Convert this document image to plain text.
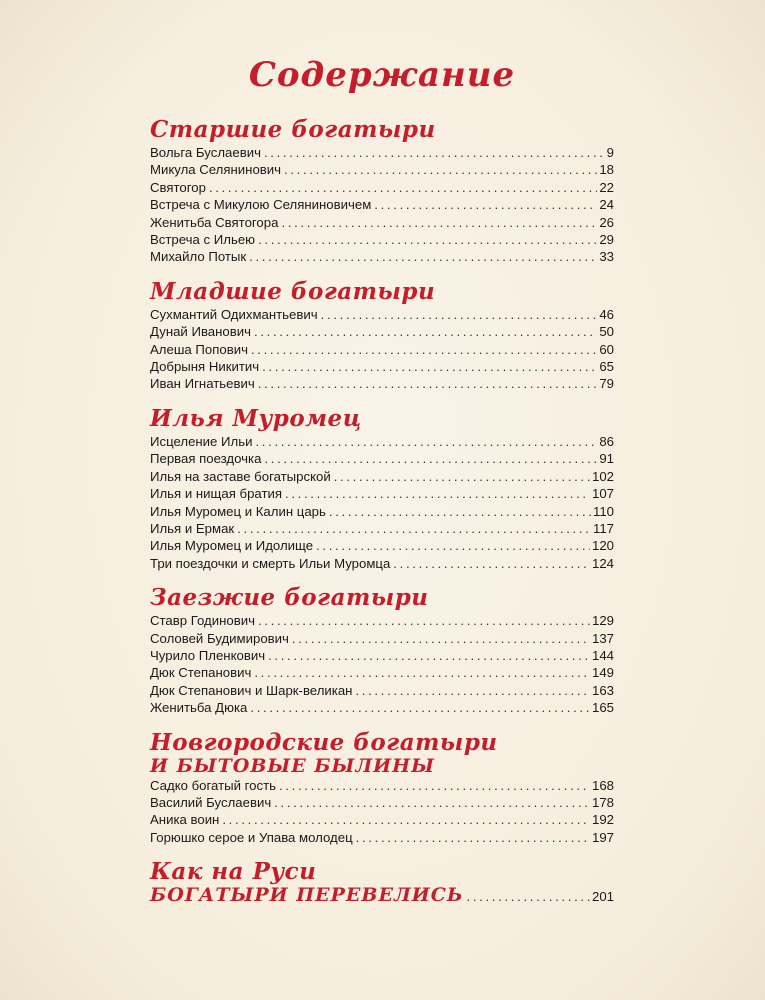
Содержание
Старшие богатыри
Вольга Буслаевич . . .	9
Микула Селянинович . . .	18
Святогор . . .	22
Встреча с Микулою Селяниновичем . . .	24
Женитьба Святогора . . .	26
Встреча с Ильею . . .	29
Михайло Потык . . .	33
Младшие богатыри
Сухмантий Одихмантьевич . . .	46
Дунай Иванович . . .	50
Алеша Попович . . .	60
Добрыня Никитич . . .	65
Иван Игнатьевич . . .	79
Илья Муромец
Исцеление Ильи . . .	86
Первая поездочка . . .	91
Илья на заставе богатырской . . .	102
Илья и нищая братия . . .	107
Илья Муромец и Калин царь . . .	110
Илья и Ермак . . .	117
Илья Муромец и Идолище . . .	120
Три поездочки и смерть Ильи Муромца . . .	124
Заезжие богатыри
Ставр Годинович . . .	129
Соловей Будимирович . . .	137
Чурило Пленкович . . .	144
Дюк Степанович . . .	149
Дюк Степанович и Шарк-великан . . .	163
Женитьба Дюка . . .	165
Новгородские богатыри
И БЫТОВЫЕ БЫЛИНЫ
Садко богатый гость . . .	168
Василий Буслаевич . . .	178
Аника воин . . .	192
Горюшко серое и Упава молодец . . .	197
Как на Руси
БОГАТЫРИ ПЕРЕВЕЛИСЬ . . .	201
